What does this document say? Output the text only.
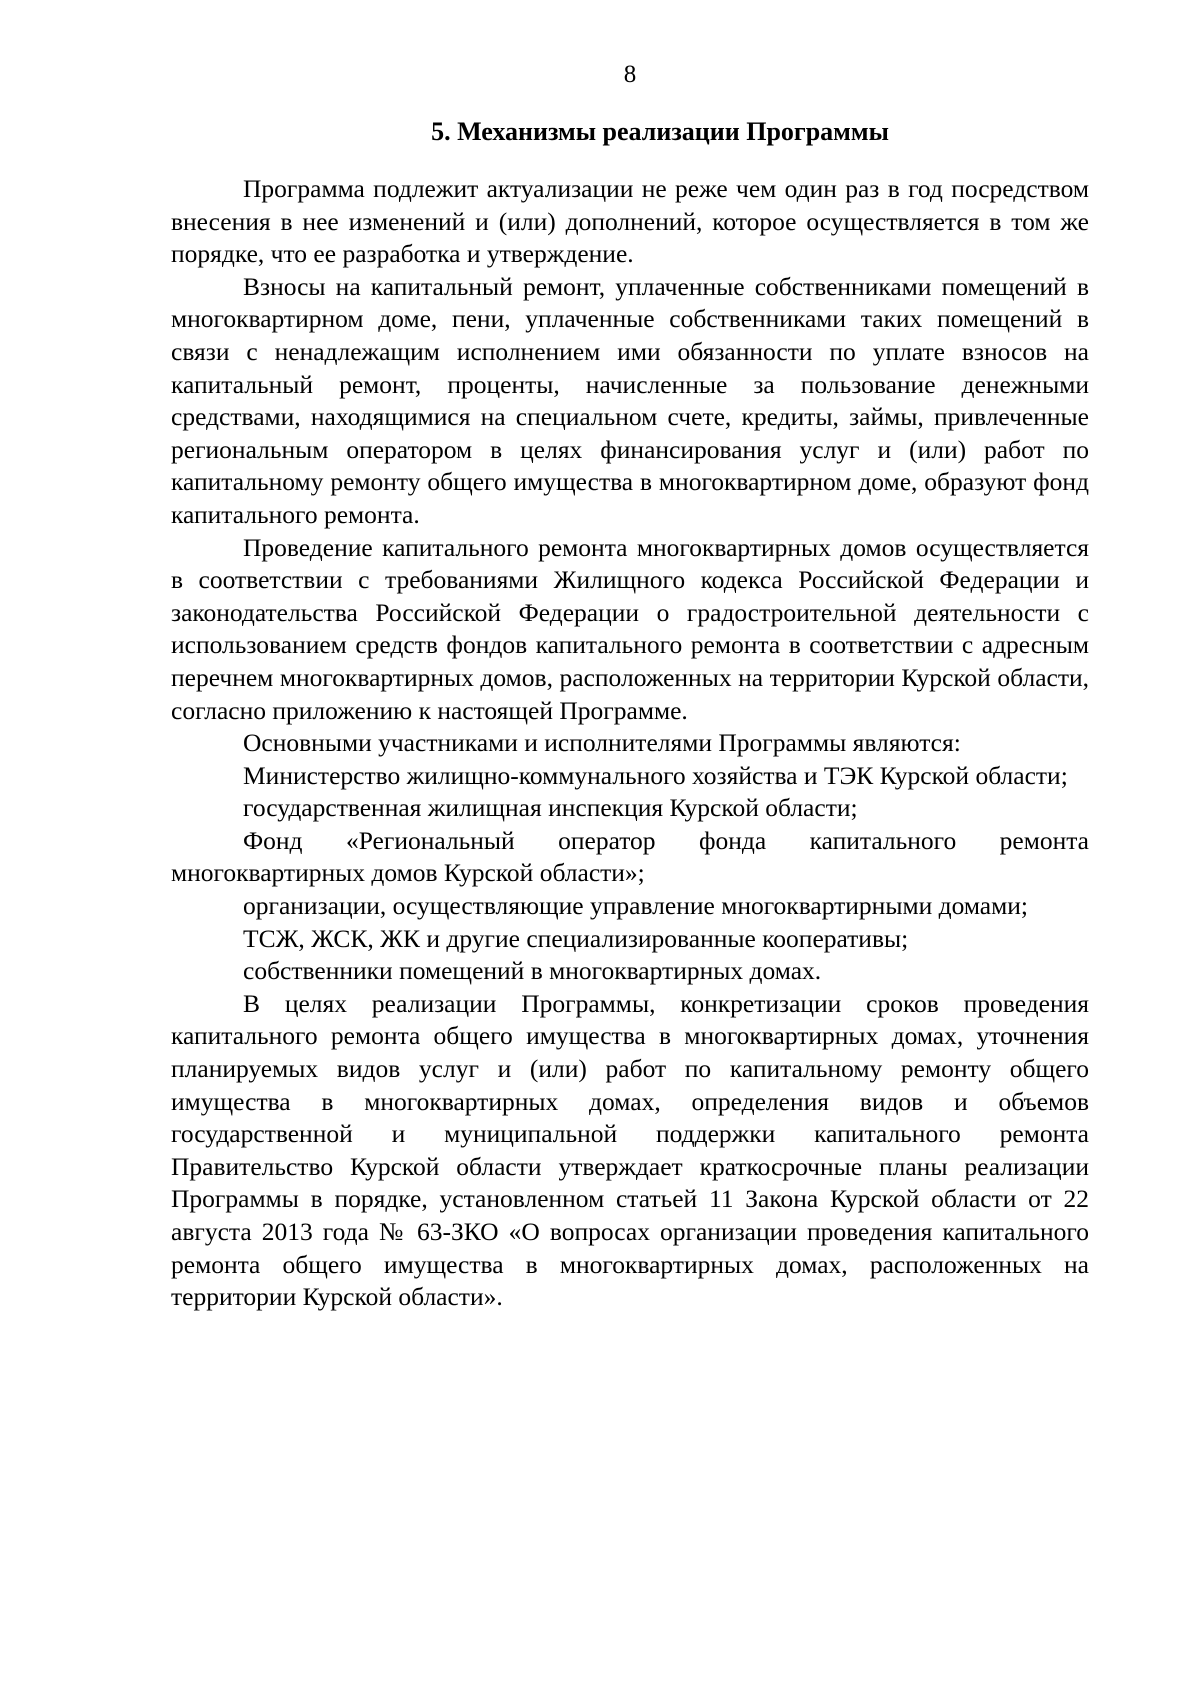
8
5. Механизмы реализации Программы

Программа подлежит актуализации не реже чем один раз в год посредством внесения в нее изменений и (или) дополнений, которое осуществляется в том же порядке, что ее разработка и утверждение.

Взносы на капитальный ремонт, уплаченные собственниками помещений в многоквартирном доме, пени, уплаченные собственниками таких помещений в связи с ненадлежащим исполнением ими обязанности по уплате взносов на капитальный ремонт, проценты, начисленные за пользование денежными средствами, находящимися на специальном счете, кредиты, займы, привлеченные региональным оператором в целях финансирования услуг и (или) работ по капитальному ремонту общего имущества в многоквартирном доме, образуют фонд капитального ремонта.

Проведение капитального ремонта многоквартирных домов осуществляется в соответствии с требованиями Жилищного кодекса Российской Федерации и законодательства Российской Федерации о градостроительной деятельности с использованием средств фондов капитального ремонта в соответствии с адресным перечнем многоквартирных домов, расположенных на территории Курской области, согласно приложению к настоящей Программе.

Основными участниками и исполнителями Программы являются:

Министерство жилищно-коммунального хозяйства и ТЭК Курской области;

государственная жилищная инспекция Курской области;

Фонд «Региональный оператор фонда капитального ремонта многоквартирных домов Курской области»;

организации, осуществляющие управление многоквартирными домами;

ТСЖ, ЖСК, ЖК и другие специализированные кооперативы;

собственники помещений в многоквартирных домах.

В целях реализации Программы, конкретизации сроков проведения капитального ремонта общего имущества в многоквартирных домах, уточнения планируемых видов услуг и (или) работ по капитальному ремонту общего имущества в многоквартирных домах, определения видов и объемов государственной и муниципальной поддержки капитального ремонта Правительство Курской области утверждает краткосрочные планы реализации Программы в порядке, установленном статьей 11 Закона Курской области от 22 августа 2013 года № 63-ЗКО «О вопросах организации проведения капитального ремонта общего имущества в многоквартирных домах, расположенных на территории Курской области».
